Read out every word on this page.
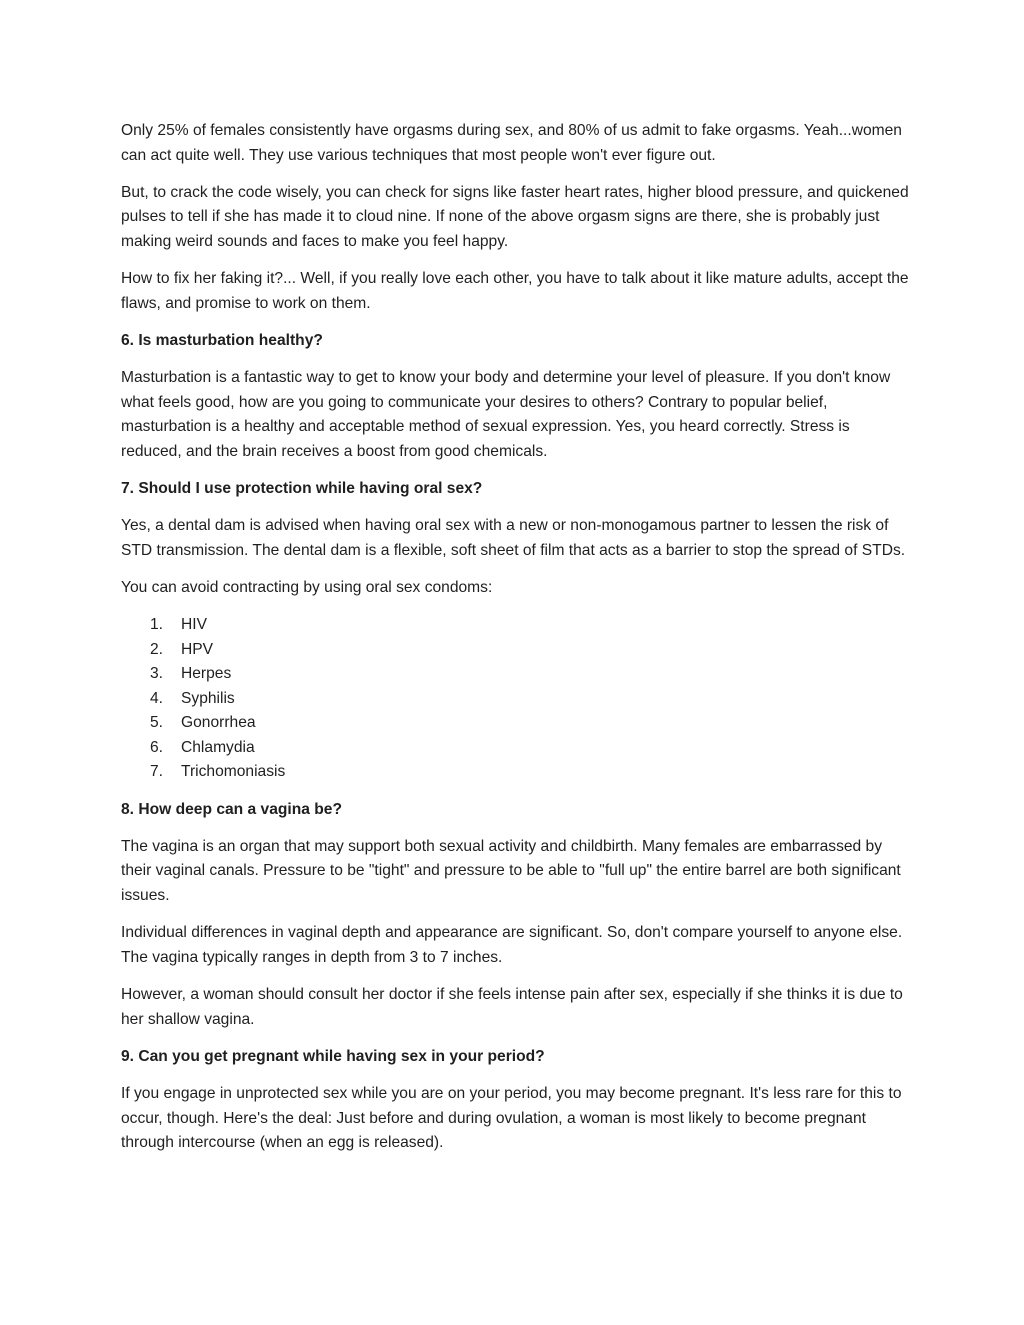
Only 25% of females consistently have orgasms during sex, and 80% of us admit to fake orgasms. Yeah...women can act quite well. They use various techniques that most people won't ever figure out.

But, to crack the code wisely, you can check for signs like faster heart rates, higher blood pressure, and quickened pulses to tell if she has made it to cloud nine. If none of the above orgasm signs are there, she is probably just making weird sounds and faces to make you feel happy.

How to fix her faking it?... Well, if you really love each other, you have to talk about it like mature adults, accept the flaws, and promise to work on them.

6. Is masturbation healthy?

Masturbation is a fantastic way to get to know your body and determine your level of pleasure. If you don't know what feels good, how are you going to communicate your desires to others? Contrary to popular belief, masturbation is a healthy and acceptable method of sexual expression. Yes, you heard correctly. Stress is reduced, and the brain receives a boost from good chemicals.

7. Should I use protection while having oral sex?

Yes, a dental dam is advised when having oral sex with a new or non-monogamous partner to lessen the risk of STD transmission. The dental dam is a flexible, soft sheet of film that acts as a barrier to stop the spread of STDs.

You can avoid contracting by using oral sex condoms:

1. HIV
2. HPV
3. Herpes
4. Syphilis
5. Gonorrhea
6. Chlamydia
7. Trichomoniasis
8. How deep can a vagina be?

The vagina is an organ that may support both sexual activity and childbirth. Many females are embarrassed by their vaginal canals. Pressure to be "tight" and pressure to be able to "full up" the entire barrel are both significant issues.

Individual differences in vaginal depth and appearance are significant. So, don't compare yourself to anyone else. The vagina typically ranges in depth from 3 to 7 inches.

However, a woman should consult her doctor if she feels intense pain after sex, especially if she thinks it is due to her shallow vagina.

9. Can you get pregnant while having sex in your period?

If you engage in unprotected sex while you are on your period, you may become pregnant. It's less rare for this to occur, though. Here's the deal: Just before and during ovulation, a woman is most likely to become pregnant through intercourse (when an egg is released).
